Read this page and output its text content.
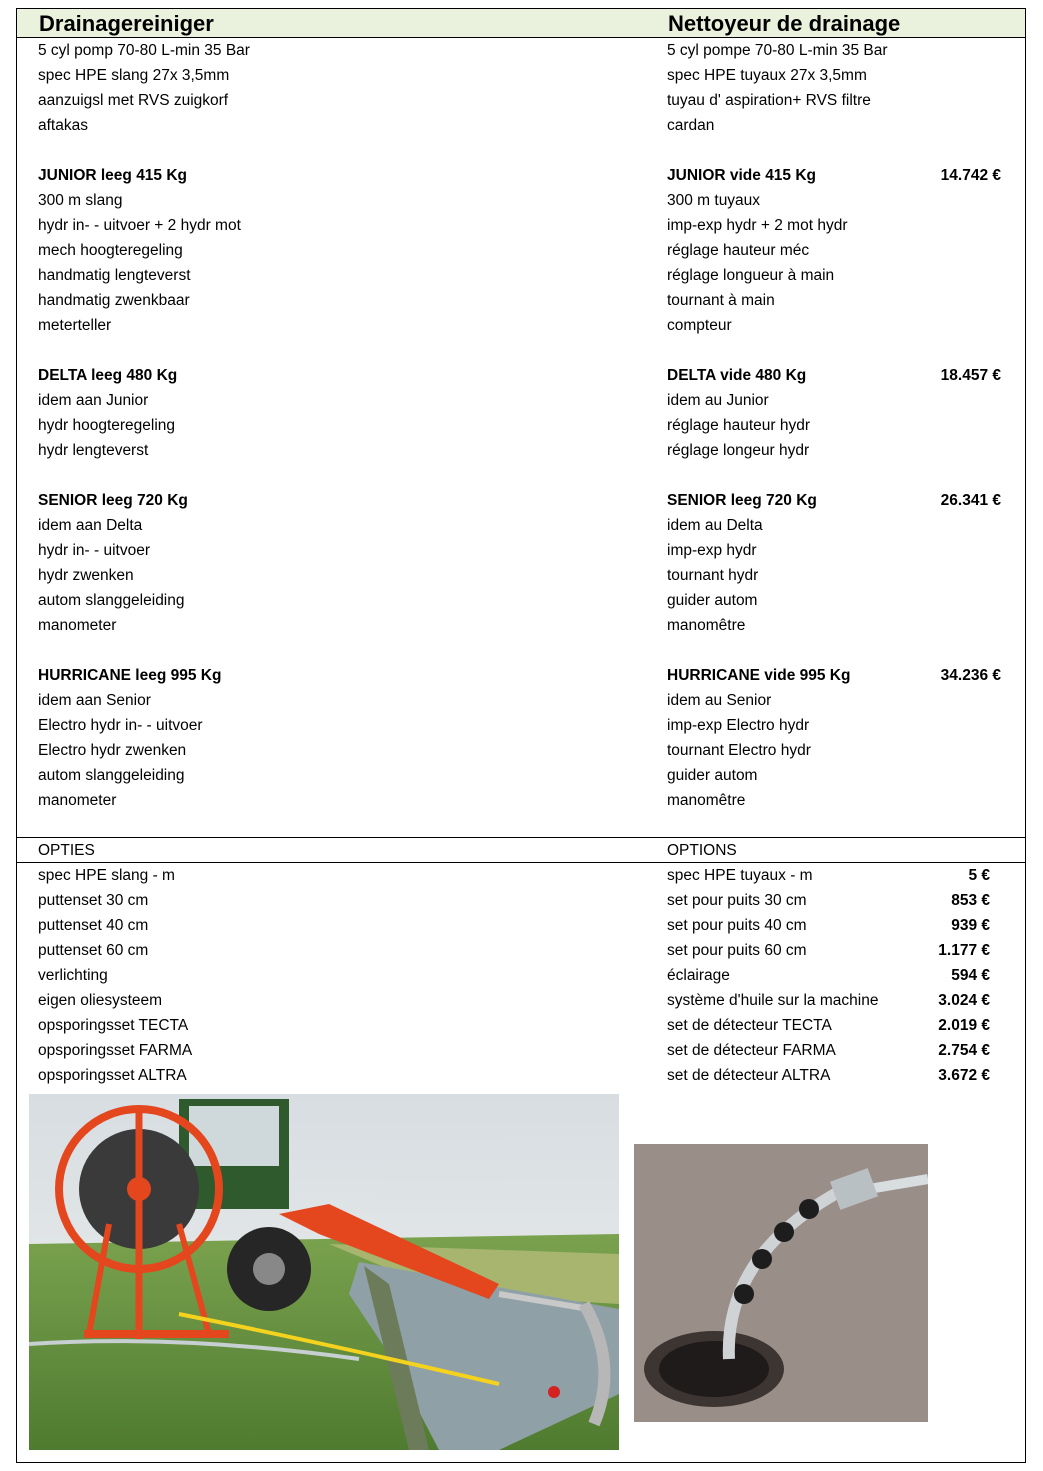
Drainagereiniger	Nettoyeur de drainage
5 cyl pomp 70-80 L-min 35 Bar	5 cyl pompe 70-80 L-min 35 Bar
spec HPE slang 27x 3,5mm	spec HPE tuyaux 27x 3,5mm
aanzuigsl met RVS zuigkorf	tuyau d' aspiration+ RVS filtre
aftakas	cardan
JUNIOR leeg 415 Kg	JUNIOR vide 415 Kg	14.742 €
300 m slang	300 m tuyaux
hydr in- - uitvoer + 2 hydr mot	imp-exp hydr + 2 mot hydr
mech hoogteregeling	réglage hauteur méc
handmatig lengteverst	réglage longueur à main
handmatig zwenkbaar	tournant à main
meterteller	compteur
DELTA leeg 480 Kg	DELTA vide 480 Kg	18.457 €
idem aan Junior	idem au Junior
hydr hoogteregeling	réglage hauteur hydr
hydr lengteverst	réglage longeur hydr
SENIOR leeg 720 Kg	SENIOR leeg 720 Kg	26.341 €
idem aan Delta	idem au Delta
hydr in- - uitvoer	imp-exp hydr
hydr zwenken	tournant hydr
autom slanggeleiding	guider autom
manometer	manomêtre
HURRICANE leeg 995 Kg	HURRICANE vide 995 Kg	34.236 €
idem aan Senior	idem au Senior
Electro hydr in- - uitvoer	imp-exp Electro hydr
Electro hydr zwenken	tournant Electro hydr
autom slanggeleiding	guider autom
manometer	manomêtre
OPTIES	OPTIONS
spec HPE slang - m	spec HPE tuyaux - m	5 €
puttenset 30 cm	set pour puits 30 cm	853 €
puttenset 40 cm	set pour puits 40 cm	939 €
puttenset 60 cm	set pour puits 60 cm	1.177 €
verlichting	éclairage	594 €
eigen oliesysteem	système d'huile sur la machine	3.024 €
opsporingsset TECTA	set de détecteur TECTA	2.019 €
opsporingsset FARMA	set de détecteur FARMA	2.754 €
opsporingsset ALTRA	set de détecteur ALTRA	3.672 €
